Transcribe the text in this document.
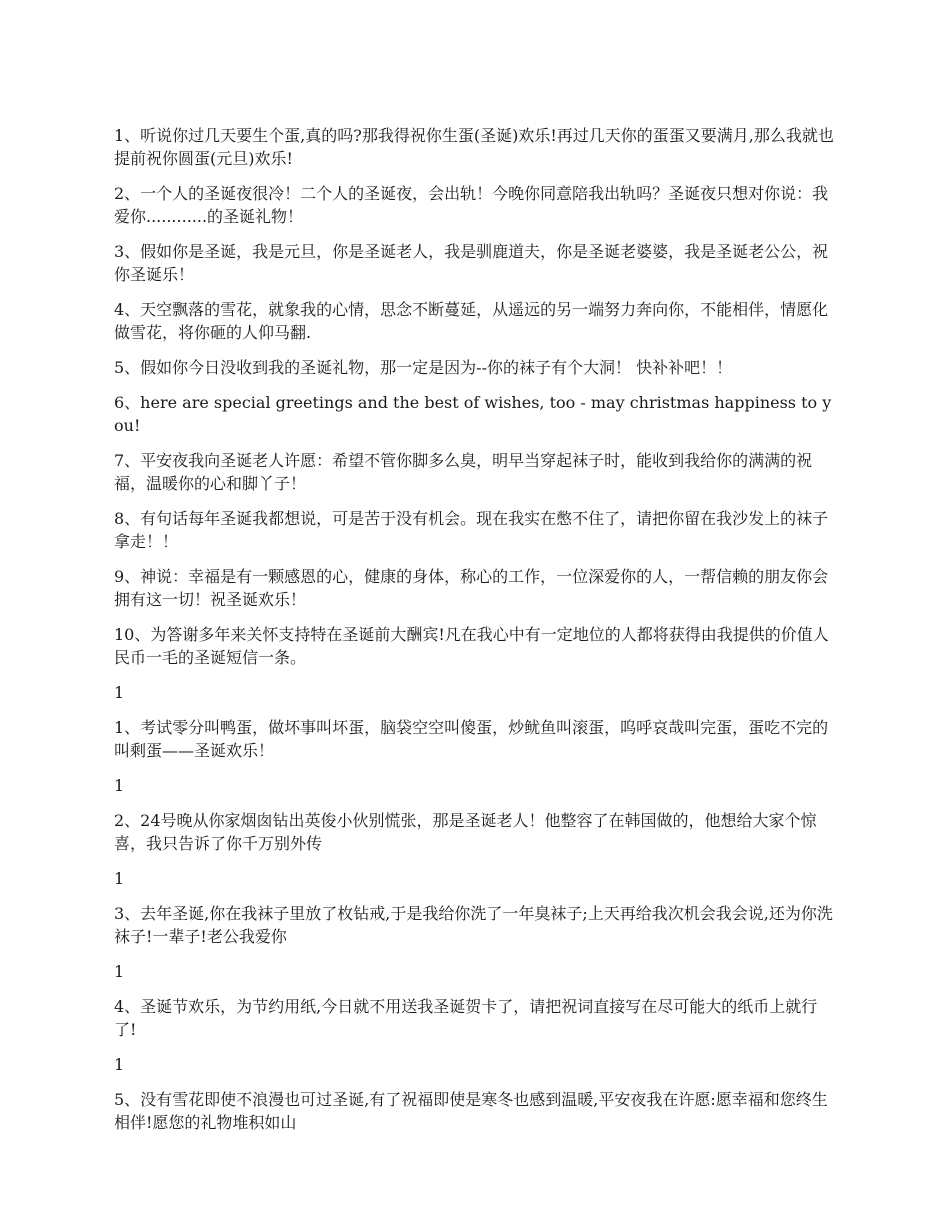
1、听说你过几天要生个蛋,真的吗?那我得祝你生蛋(圣诞)欢乐!再过几天你的蛋蛋又要满月,那么我就也提前祝你圆蛋(元旦)欢乐!

2、一个人的圣诞夜很冷！二个人的圣诞夜，会出轨！今晚你同意陪我出轨吗？圣诞夜只想对你说：我爱你............的圣诞礼物！

3、假如你是圣诞，我是元旦，你是圣诞老人，我是驯鹿道夫，你是圣诞老婆婆，我是圣诞老公公，祝你圣诞乐！

4、天空飘落的雪花，就象我的心情，思念不断蔓延，从遥远的另一端努力奔向你，不能相伴，情愿化做雪花，将你砸的人仰马翻.

5、假如你今日没收到我的圣诞礼物，那一定是因为--你的袜子有个大洞！ 快补补吧！！

6、here are special greetings and the best of wishes, too - may christmas happiness to you!

7、平安夜我向圣诞老人许愿：希望不管你脚多么臭，明早当穿起袜子时，能收到我给你的满满的祝福，温暖你的心和脚丫子！

8、有句话每年圣诞我都想说，可是苦于没有机会。现在我实在憋不住了，请把你留在我沙发上的袜子拿走！！

9、神说：幸福是有一颗感恩的心，健康的身体，称心的工作，一位深爱你的人，一帮信赖的朋友你会拥有这一切！祝圣诞欢乐！

10、为答谢多年来关怀支持特在圣诞前大酬宾!凡在我心中有一定地位的人都将获得由我提供的价值人民币一毛的圣诞短信一条。

1

1、考试零分叫鸭蛋，做坏事叫坏蛋，脑袋空空叫傻蛋，炒鱿鱼叫滚蛋，呜呼哀哉叫完蛋，蛋吃不完的叫剩蛋——圣诞欢乐！

1

2、24号晚从你家烟囱钻出英俊小伙别慌张，那是圣诞老人！他整容了在韩国做的，他想给大家个惊喜，我只告诉了你千万别外传

1

3、去年圣诞,你在我袜子里放了枚钻戒,于是我给你洗了一年臭袜子;上天再给我次机会我会说,还为你洗袜子!一辈子!老公我爱你

1

4、圣诞节欢乐，为节约用纸,今日就不用送我圣诞贺卡了，请把祝词直接写在尽可能大的纸币上就行了!

1

5、没有雪花即使不浪漫也可过圣诞,有了祝福即使是寒冬也感到温暖,平安夜我在许愿:愿幸福和您终生相伴!愿您的礼物堆积如山
